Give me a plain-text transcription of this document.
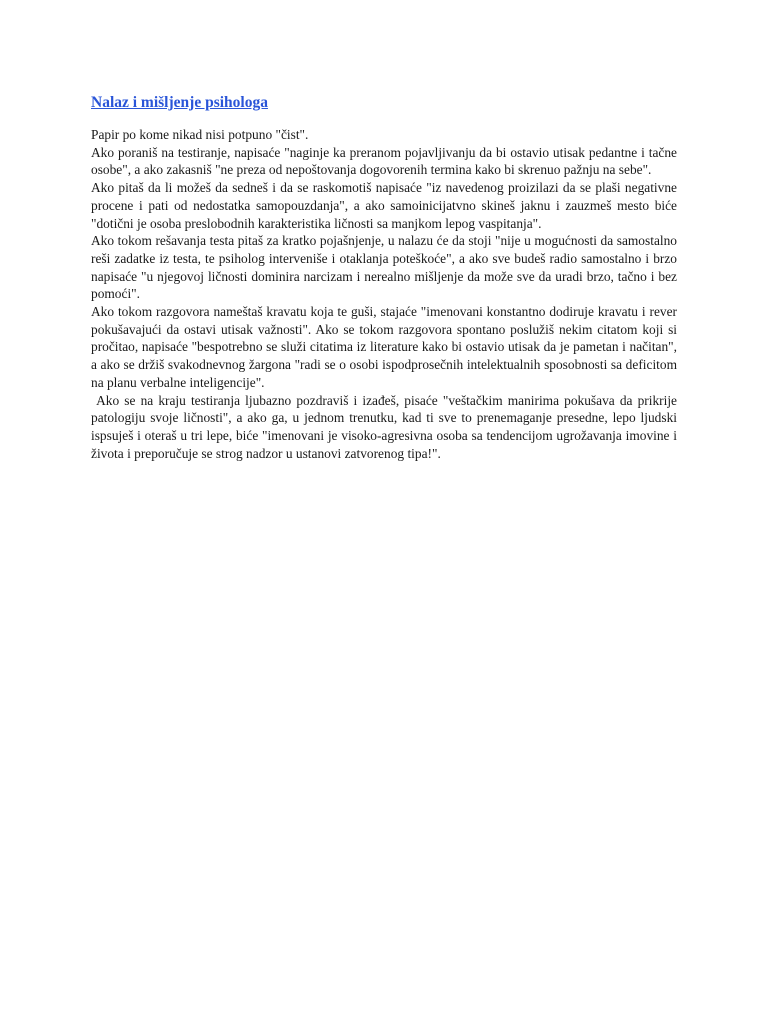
Nalaz i mišljenje psihologa

Papir po kome nikad nisi potpuno "čist".

Ako poraniš na testiranje, napisaće "naginje ka preranom pojavljivanju da bi ostavio utisak pedantne i tačne osobe", a ako zakasniš "ne preza od nepoštovanja dogovorenih termina kako bi skrenuo pažnju na sebe".

Ako pitaš da li možeš da sedneš i da se raskomotiš napisaće "iz navedenog proizilazi da se plaši negativne procene i pati od nedostatka samopouzdanja", a ako samoinicijatvno skineš jaknu i zauzmeš mesto biće "dotični je osoba preslobodnih karakteristika ličnosti sa manjkom lepog vaspitanja".

Ako tokom rešavanja testa pitaš za kratko pojašnjenje, u nalazu će da stoji "nije u mogućnosti da samostalno reši zadatke iz testa, te psiholog interveniše i otaklanja poteškoće", a ako sve budeš radio samostalno i brzo napisaće "u njegovoj ličnosti dominira narcizam i nerealno mišljenje da može sve da uradi brzo, tačno i bez pomoći".

Ako tokom razgovora nameštaš kravatu koja te guši, stajaće "imenovani konstantno dodiruje kravatu i rever pokušavajući da ostavi utisak važnosti". Ako se tokom razgovora spontano poslužiš nekim citatom koji si pročitao, napisaće "bespotrebno se služi citatima iz literature kako bi ostavio utisak da je pametan i načitan", a ako se držiš svakodnevnog žargona "radi se o osobi ispodprosečnih intelektualnih sposobnosti sa deficitom na planu verbalne inteligencije".

Ako se na kraju testiranja ljubazno pozdraviš i izađeš, pisaće "veštačkim manirima pokušava da prikrije patologiju svoje ličnosti", a ako ga, u jednom trenutku, kad ti sve to prenemaganje presedne, lepo ljudski ispsuješ i oteraš u tri lepe, biće "imenovani je visoko-agresivna osoba sa tendencijom ugrožavanja imovine i života i preporučuje se strog nadzor u ustanovi zatvorenog tipa!".
